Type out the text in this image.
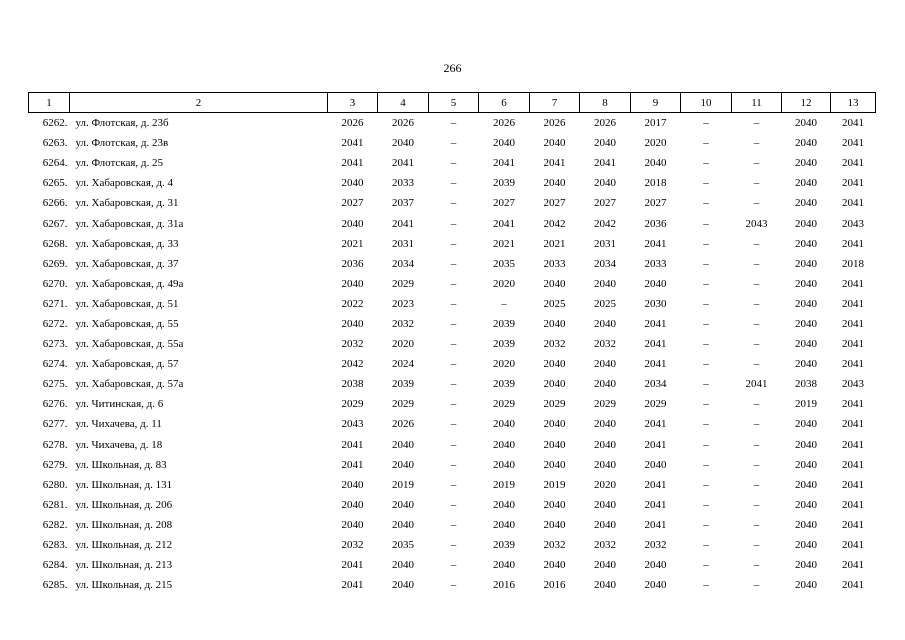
266
1	2	3	4	5	6	7	8	9	10	11	12	13
6262.	ул. Флотская, д. 23б	2026	2026	–	2026	2026	2026	2017	–	–	2040	2041
6263.	ул. Флотская, д. 23в	2041	2040	–	2040	2040	2040	2020	–	–	2040	2041
6264.	ул. Флотская, д. 25	2041	2041	–	2041	2041	2041	2040	–	–	2040	2041
6265.	ул. Хабаровская, д. 4	2040	2033	–	2039	2040	2040	2018	–	–	2040	2041
6266.	ул. Хабаровская, д. 31	2027	2037	–	2027	2027	2027	2027	–	–	2040	2041
6267.	ул. Хабаровская, д. 31а	2040	2041	–	2041	2042	2042	2036	–	2043	2040	2043
6268.	ул. Хабаровская, д. 33	2021	2031	–	2021	2021	2031	2041	–	–	2040	2041
6269.	ул. Хабаровская, д. 37	2036	2034	–	2035	2033	2034	2033	–	–	2040	2018
6270.	ул. Хабаровская, д. 49а	2040	2029	–	2020	2040	2040	2040	–	–	2040	2041
6271.	ул. Хабаровская, д. 51	2022	2023	–	–	2025	2025	2030	–	–	2040	2041
6272.	ул. Хабаровская, д. 55	2040	2032	–	2039	2040	2040	2041	–	–	2040	2041
6273.	ул. Хабаровская, д. 55а	2032	2020	–	2039	2032	2032	2041	–	–	2040	2041
6274.	ул. Хабаровская, д. 57	2042	2024	–	2020	2040	2040	2041	–	–	2040	2041
6275.	ул. Хабаровская, д. 57а	2038	2039	–	2039	2040	2040	2034	–	2041	2038	2043
6276.	ул. Читинская, д. 6	2029	2029	–	2029	2029	2029	2029	–	–	2019	2041
6277.	ул. Чихачева, д. 11	2043	2026	–	2040	2040	2040	2041	–	–	2040	2041
6278.	ул. Чихачева, д. 18	2041	2040	–	2040	2040	2040	2041	–	–	2040	2041
6279.	ул. Школьная, д. 83	2041	2040	–	2040	2040	2040	2040	–	–	2040	2041
6280.	ул. Школьная, д. 131	2040	2019	–	2019	2019	2020	2041	–	–	2040	2041
6281.	ул. Школьная, д. 206	2040	2040	–	2040	2040	2040	2041	–	–	2040	2041
6282.	ул. Школьная, д. 208	2040	2040	–	2040	2040	2040	2041	–	–	2040	2041
6283.	ул. Школьная, д. 212	2032	2035	–	2039	2032	2032	2032	–	–	2040	2041
6284.	ул. Школьная, д. 213	2041	2040	–	2040	2040	2040	2040	–	–	2040	2041
6285.	ул. Школьная, д. 215	2041	2040	–	2016	2016	2040	2040	–	–	2040	2041
